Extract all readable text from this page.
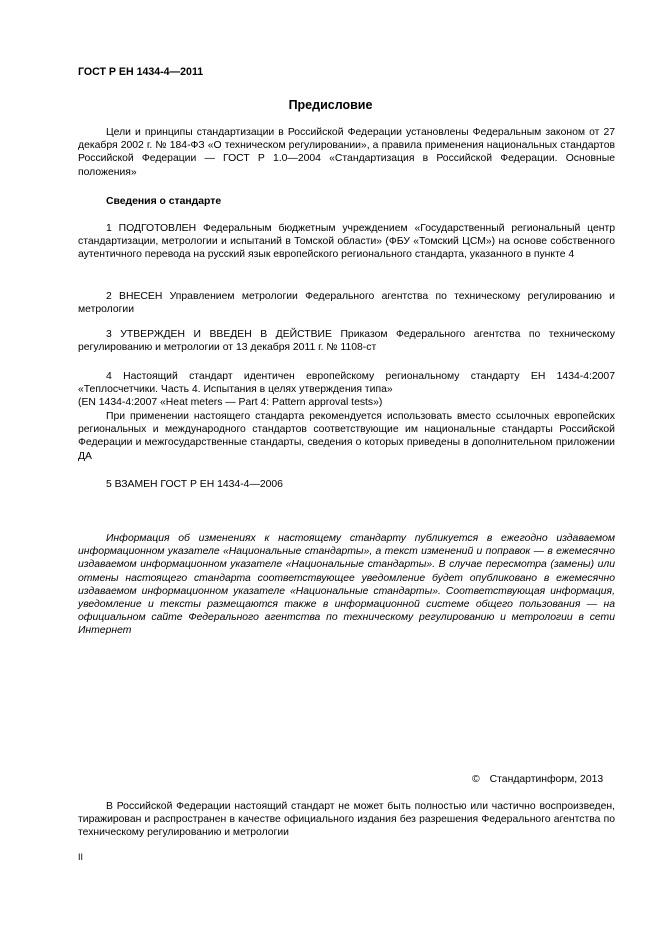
ГОСТ Р ЕН 1434-4—2011
Предисловие

Цели и принципы стандартизации в Российской Федерации установлены Федеральным законом от 27 декабря 2002 г. № 184-ФЗ «О техническом регулировании», а правила применения национальных стандартов Российской Федерации — ГОСТ Р 1.0—2004 «Стандартизация в Российской Федерации. Основные положения»

Сведения о стандарте

1 ПОДГОТОВЛЕН Федеральным бюджетным учреждением «Государственный региональный центр стандартизации, метрологии и испытаний в Томской области» (ФБУ «Томский ЦСМ») на основе собственного аутентичного перевода на русский язык европейского регионального стандарта, указанного в пункте 4

2 ВНЕСЕН Управлением метрологии Федерального агентства по техническому регулированию и метрологии

3 УТВЕРЖДЕН И ВВЕДЕН В ДЕЙСТВИЕ Приказом Федерального агентства по техническому регулированию и метрологии от 13 декабря 2011 г. № 1108-ст

4 Настоящий стандарт идентичен европейскому региональному стандарту ЕН 1434-4:2007 «Теплосчетчики. Часть 4. Испытания в целях утверждения типа»

(EN 1434-4:2007 «Heat meters — Part 4: Pattern approval tests»)

При применении настоящего стандарта рекомендуется использовать вместо ссылочных европейских региональных и международного стандартов соответствующие им национальные стандарты Российской Федерации и межгосударственные стандарты, сведения о которых приведены в дополнительном приложении ДА

5 ВЗАМЕН ГОСТ Р ЕН 1434-4—2006

Информация об изменениях к настоящему стандарту публикуется в ежегодно издаваемом информационном указателе «Национальные стандарты», а текст изменений и поправок — в ежемесячно издаваемом информационном указателе «Национальные стандарты». В случае пересмотра (замены) или отмены настоящего стандарта соответствующее уведомление будет опубликовано в ежемесячно издаваемом информационном указателе «Национальные стандарты». Соответствующая информация, уведомление и тексты размещаются также в информационной системе общего пользования — на официальном сайте Федерального агентства по техническому регулированию и метрологии в сети Интернет

© Стандартинформ, 2013

В Российской Федерации настоящий стандарт не может быть полностью или частично воспроизведен, тиражирован и распространен в качестве официального издания без разрешения Федерального агентства по техническому регулированию и метрологии

II
